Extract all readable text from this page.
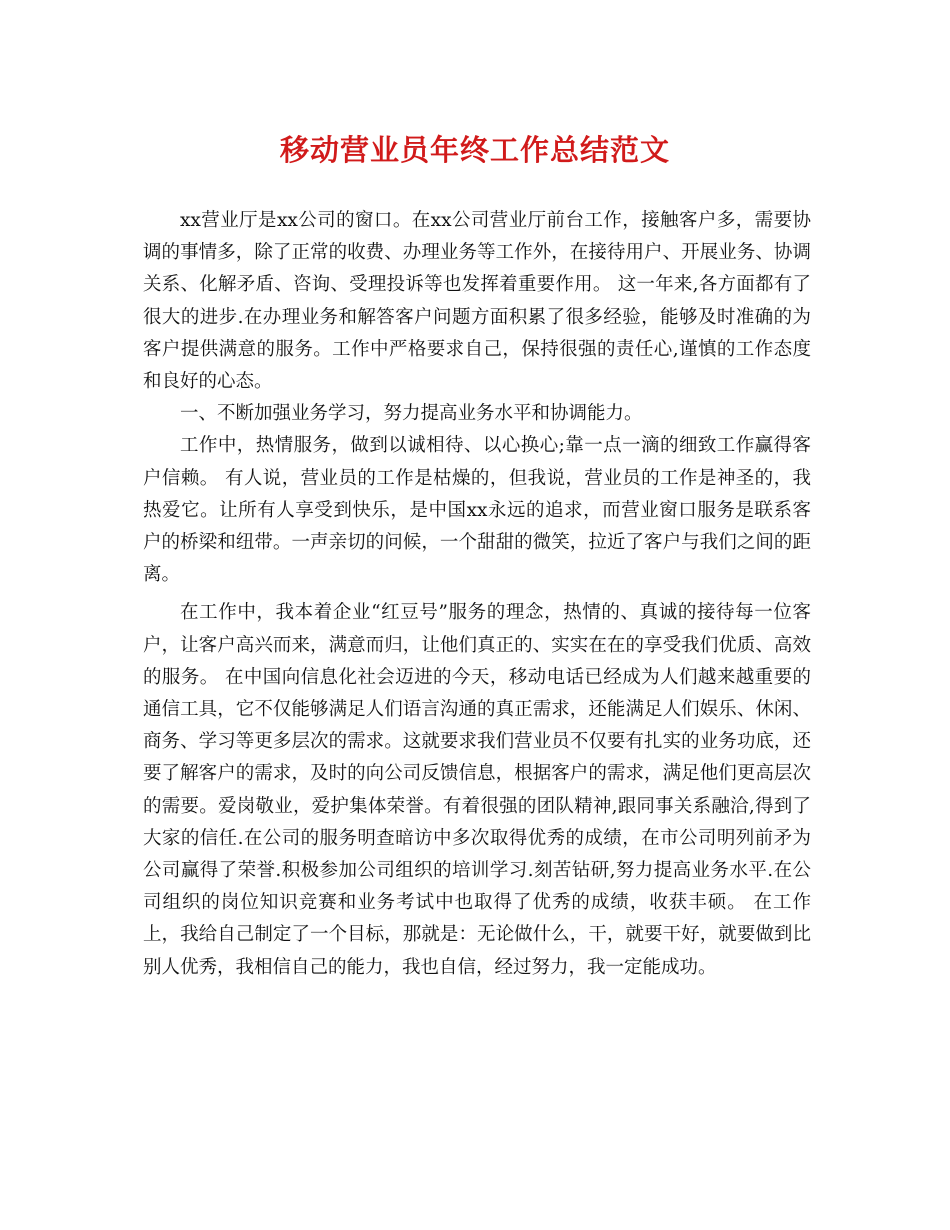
移动营业员年终工作总结范文

xx营业厅是xx公司的窗口。在xx公司营业厅前台工作，接触客户多，需要协调的事情多，除了正常的收费、办理业务等工作外，在接待用户、开展业务、协调关系、化解矛盾、咨询、受理投诉等也发挥着重要作用。 这一年来,各方面都有了很大的进步.在办理业务和解答客户问题方面积累了很多经验，能够及时准确的为客户提供满意的服务。工作中严格要求自己，保持很强的责任心,谨慎的工作态度和良好的心态。

一、不断加强业务学习，努力提高业务水平和协调能力。

工作中，热情服务，做到以诚相待、以心换心;靠一点一滴的细致工作赢得客户信赖。 有人说，营业员的工作是枯燥的，但我说，营业员的工作是神圣的，我热爱它。让所有人享受到快乐，是中国xx永远的追求，而营业窗口服务是联系客户的桥梁和纽带。一声亲切的问候，一个甜甜的微笑，拉近了客户与我们之间的距离。

在工作中，我本着企业“红豆号”服务的理念，热情的、真诚的接待每一位客户，让客户高兴而来，满意而归，让他们真正的、实实在在的享受我们优质、高效的服务。 在中国向信息化社会迈进的今天，移动电话已经成为人们越来越重要的通信工具，它不仅能够满足人们语言沟通的真正需求，还能满足人们娱乐、休闲、商务、学习等更多层次的需求。这就要求我们营业员不仅要有扎实的业务功底，还要了解客户的需求，及时的向公司反馈信息，根据客户的需求，满足他们更高层次的需要。爱岗敬业，爱护集体荣誉。有着很强的团队精神,跟同事关系融洽,得到了大家的信任.在公司的服务明查暗访中多次取得优秀的成绩，在市公司明列前矛为公司赢得了荣誉.积极参加公司组织的培训学习.刻苦钻研,努力提高业务水平.在公司组织的岗位知识竞赛和业务考试中也取得了优秀的成绩，收获丰硕。 在工作上，我给自己制定了一个目标，那就是：无论做什么，干，就要干好，就要做到比别人优秀，我相信自己的能力，我也自信，经过努力，我一定能成功。
